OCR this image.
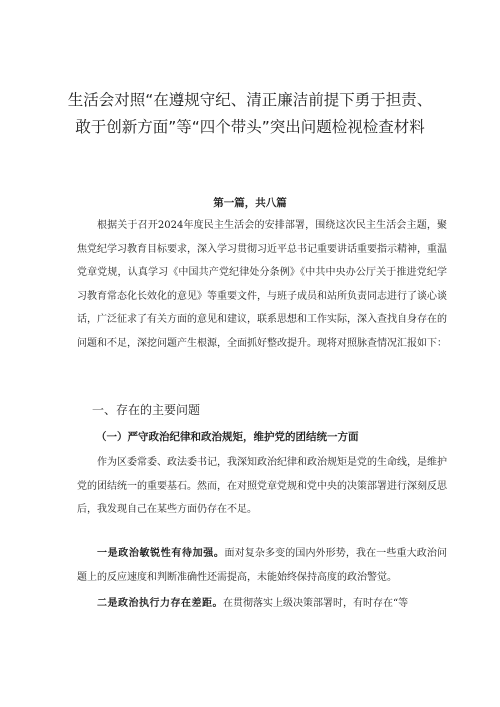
生活会对照“在遵规守纪、清正廉洁前提下勇于担责、敢于创新方面”等“四个带头”突出问题检视检查材料
第一篇，共八篇

根据关于召开2024年度民主生活会的安排部署，围绕这次民主生活会主题，聚焦党纪学习教育目标要求，深入学习贯彻习近平总书记重要讲话重要指示精神，重温党章党规，认真学习《中国共产党纪律处分条例》《中共中央办公厅关于推进党纪学习教育常态化长效化的意见》等重要文件，与班子成员和站所负责同志进行了谈心谈话，广泛征求了有关方面的意见和建议，联系思想和工作实际，深入查找自身存在的问题和不足，深挖问题产生根源，全面抓好整改提升。现将对照脉查情况汇报如下：

一、存在的主要问题
（一）严守政治纪律和政治规矩，维护党的团结统一方面

作为区委常委、政法委书记，我深知政治纪律和政治规矩是党的生命线，是维护党的团结统一的重要基石。然而，在对照党章党规和党中央的决策部署进行深刻反思后，我发现自己在某些方面仍存在不足。

一是政治敏锐性有待加强。面对复杂多变的国内外形势，我在一些重大政治问题上的反应速度和判断准确性还需提高，未能始终保持高度的政治警觉。

二是政治执行力存在差距。在贯彻落实上级决策部署时，有时存在“等
